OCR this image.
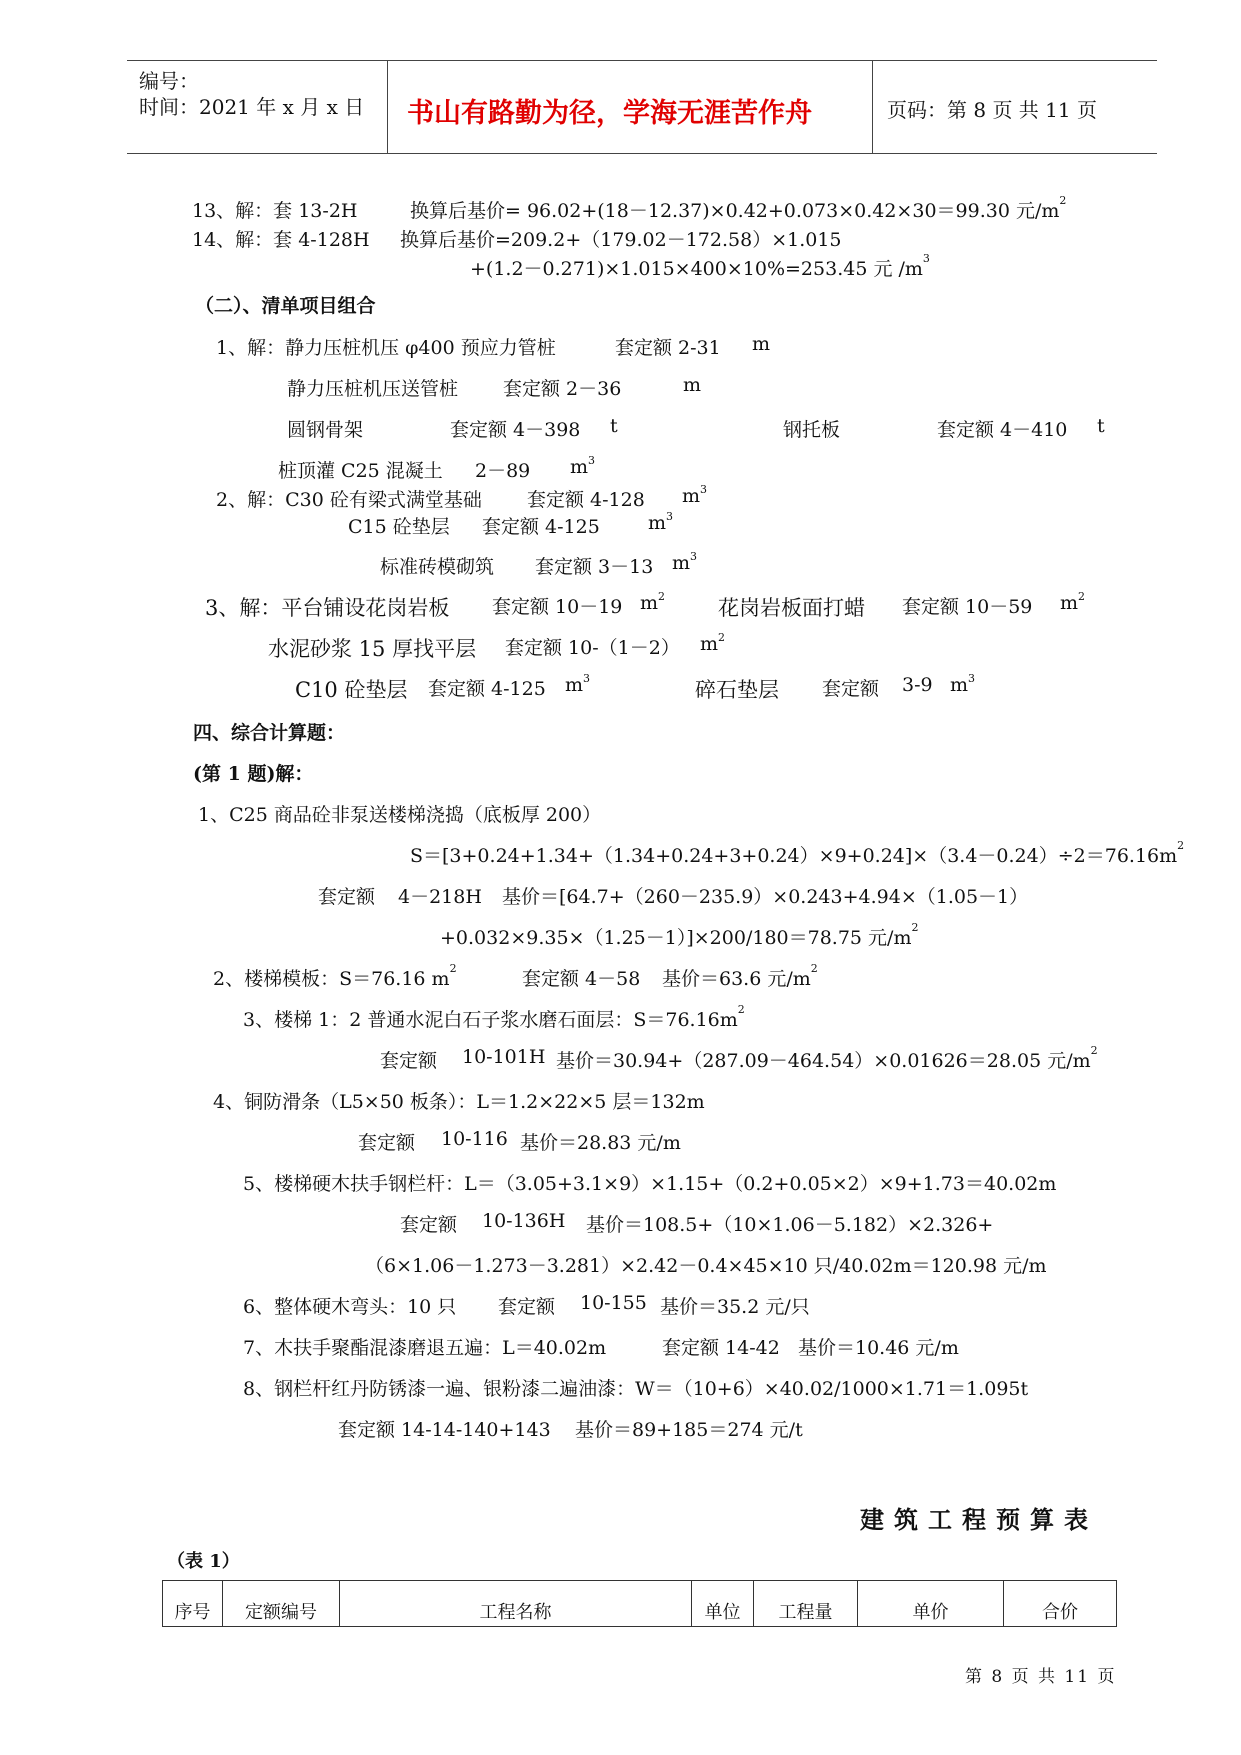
编号：
时间：2021 年 x 月 x 日 书山有路勤为径，学海无涯苦作舟	页码：第 8 页 共 11 页
13、解：套 13-2H	换算后基价= 96.02+(18－12.37)×0.42+0.073×0.42×30＝99.30 元$/m^2$
14、解：套 4-128H 换算后基价=209.2+（179.02－172.58）×1.015
+(1.2－0.271)×1.015×400×10%=253.45 元 $/m^3$
（二）、清单项目组合
1、解：静力压桩机压 φ400 预应力管桩	套定额 2-31 m
静力压桩机压送管桩 套定额 2－36	m
圆钢骨架	套定额 4－398 t	钢托板	套定额 4－410 t
桩顶灌 C25 混凝土 2－89 $m^3$
2、解：C30 砼有梁式满堂基础 套定额 4-128 $m^3$
C15 砼垫层 套定额 4-125	$m^3$
标准砖模砌筑 套定额 3－13 $m^3$
3、解：平台铺设花岗岩板 套定额 10－19 $m^2$	花岗岩板面打蜡 套定额 10－59 $m^2$
水泥砂浆 15 厚找平层 套定额 10-（1－2） $m^2$
C10 砼垫层 套定额 4-125 $m^3$	碎石垫层 套定额 3-9 $m^3$
四、综合计算题：
(第 1 题)解：
1、C25 商品砼非泵送楼梯浇捣（底板厚 200）
$S=[3+0.24+1.34+(1.34+0.24+3+0.24)\times 9+0.24]\times(3.4-0.24)\div 2=76.16m^2$
套定额 4－218H 基价＝[64.7+（260－235.9）×0.243+4.94×（1.05－1）
+0.032×9.35×（1.25－1）]×200/180＝78.75 元$/m^2$
2、楼梯模板：S＝76.16 $m^2$	套定额 4－58 基价＝63.6 元$/m^2$
3、楼梯 1：2 普通水泥白石子浆水磨石面层：$S=76.16m^2$
套定额 10-101H 基价＝30.94+（287.09－464.54）×0.01626＝28.05 元$/m^2$
4、铜防滑条（L5×50 板条）：L＝1.2×22×5 层＝132m
套定额 10-116 基价＝28.83 元/m
5、楼梯硬木扶手钢栏杆：L＝（3.05+3.1×9）×1.15+（0.2+0.05×2）×9+1.73＝40.02m
套定额 10-136H 基价＝108.5+（10×1.06－5.182）×2.326+
（6×1.06－1.273－3.281）×2.42－0.4×45×10 只/40.02m＝120.98 元/m
6、整体硬木弯头：10 只 套定额 10-155 基价＝35.2 元/只
7、木扶手聚酯混漆磨退五遍：L＝40.02m	套定额 14-42 基价＝10.46 元/m
8、钢栏杆红丹防锈漆一遍、银粉漆二遍油漆：W＝（10+6）×40.02/1000×1.71＝1.095t
套定额 14-14-140+143 基价＝89+185＝274 元/t
建筑工程预算表
（表 1）
序号	定额编号	工程名称	单位	工程量	单价	合价
第 8 页 共 11 页
